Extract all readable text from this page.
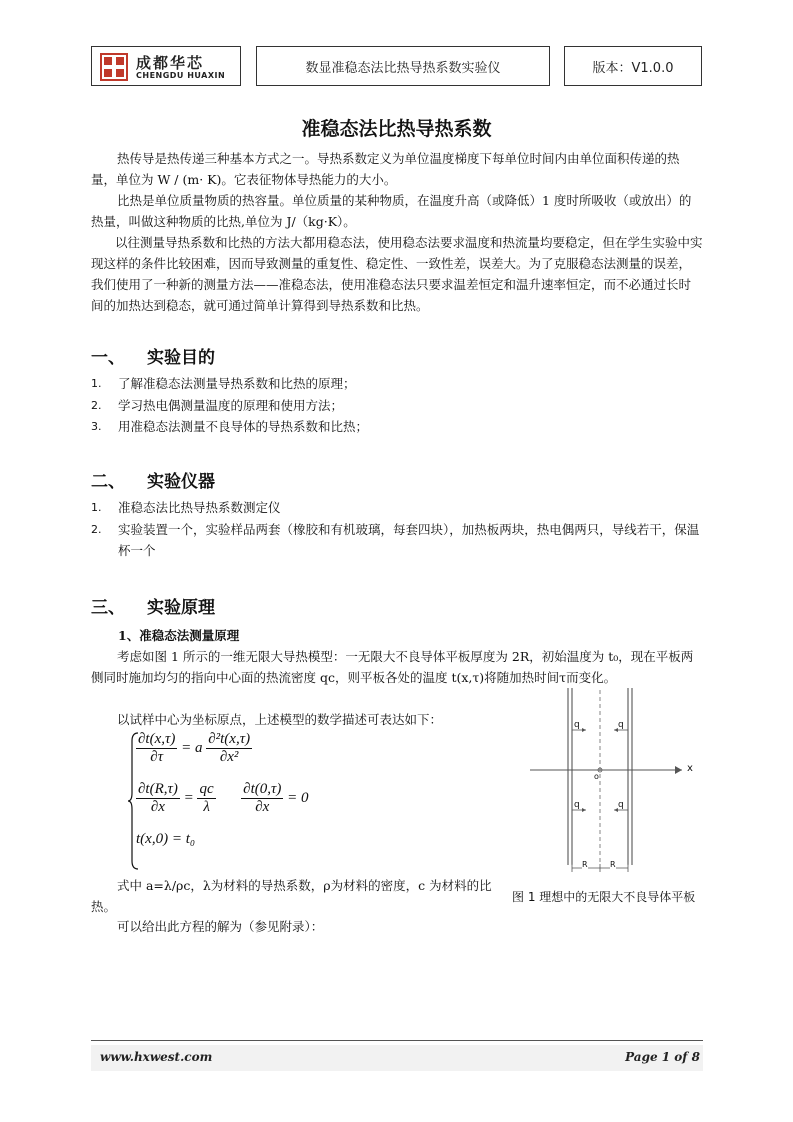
成都华芯
CHENGDU HUAXIN	数显准稳态法比热导热系数实验仪	版本：V1.0.0
准稳态法比热导热系数
热传导是热传递三种基本方式之一。导热系数定义为单位温度梯度下每单位时间内由单位面积传递的热量，单位为 W / (m· K)。它表征物体导热能力的大小。
比热是单位质量物质的热容量。单位质量的某种物质，在温度升高（或降低）1 度时所吸收（或放出）的热量，叫做这种物质的比热,单位为 J/（kg·K）。
以往测量导热系数和比热的方法大都用稳态法，使用稳态法要求温度和热流量均要稳定，但在学生实验中实现这样的条件比较困难，因而导致测量的重复性、稳定性、一致性差，误差大。为了克服稳态法测量的误差，我们使用了一种新的测量方法——准稳态法，使用准稳态法只要求温差恒定和温升速率恒定，而不必通过长时间的加热达到稳态，就可通过简单计算得到导热系数和比热。
一、 实验目的
1. 了解准稳态法测量导热系数和比热的原理；
2. 学习热电偶测量温度的原理和使用方法；
3. 用准稳态法测量不良导体的导热系数和比热；
二、 实验仪器
1. 准稳态法比热导热系数测定仪
2. 实验装置一个，实验样品两套（橡胶和有机玻璃，每套四块），加热板两块，热电偶两只，导线若干，保温杯一个
三、 实验原理
1、准稳态法测量原理
考虑如图 1 所示的一维无限大导热模型：一无限大不良导体平板厚度为 2R，初始温度为 t₀，现在平板两侧同时施加均匀的指向中心面的热流密度 qc，则平板各处的温度 t(x,τ)将随加热时间τ而变化。
以试样中心为坐标原点，上述模型的数学描述可表达如下：
$\frac{\partial t(x,\tau)}{\partial\tau} = a \frac{\text{∂²t(x,τ)}}{\text{∂x²}}$
$\frac{\partial t(R,\tau)}{\partial x} = \frac{qc}{\lambda}$
$\frac{\partial t(0,\tau)}{\partial x} = 0$
t(x,0) = t₀
式中 a=λ/ρc，λ为材料的导热系数，ρ为材料的密度，c 为材料的比热。
可以给出此方程的解为（参见附录）：
q	q
q	q
x
o
R	R
图 1 理想中的无限大不良导体平板
www.hxwest.com	Page 1 of 8
